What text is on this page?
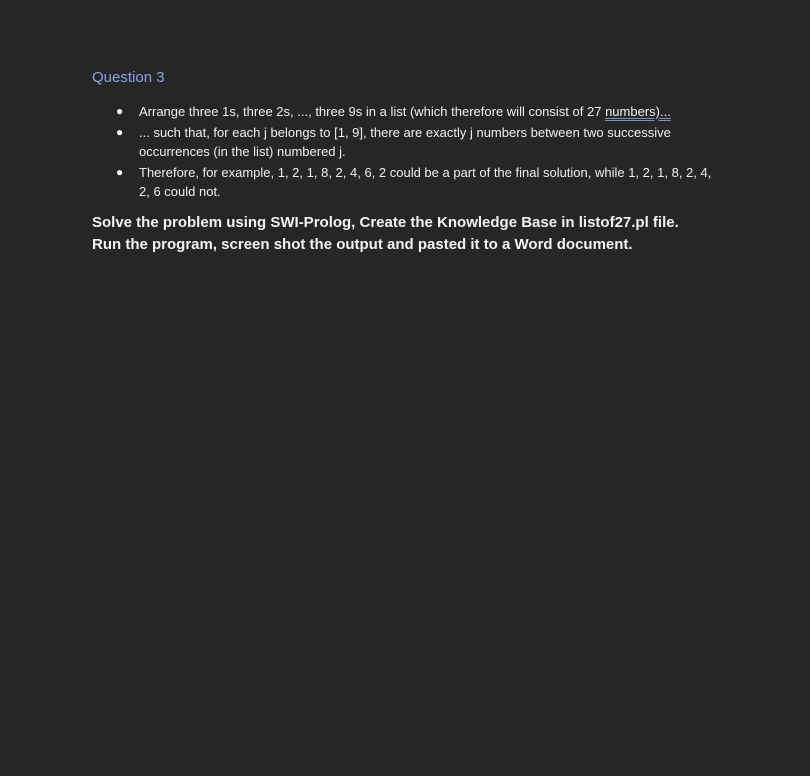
Question 3
● Arrange three 1s, three 2s, ..., three 9s in a list (which therefore will consist of 27 numbers)...
● ... such that, for each j belongs to [1, 9], there are exactly j numbers between two successive occurrences (in the list) numbered j.
● Therefore, for example, 1, 2, 1, 8, 2, 4, 6, 2 could be a part of the final solution, while 1, 2, 1, 8, 2, 4, 2, 6 could not.

Solve the problem using SWI-Prolog, Create the Knowledge Base in listof27.pl file. Run the program, screen shot the output and pasted it to a Word document.
